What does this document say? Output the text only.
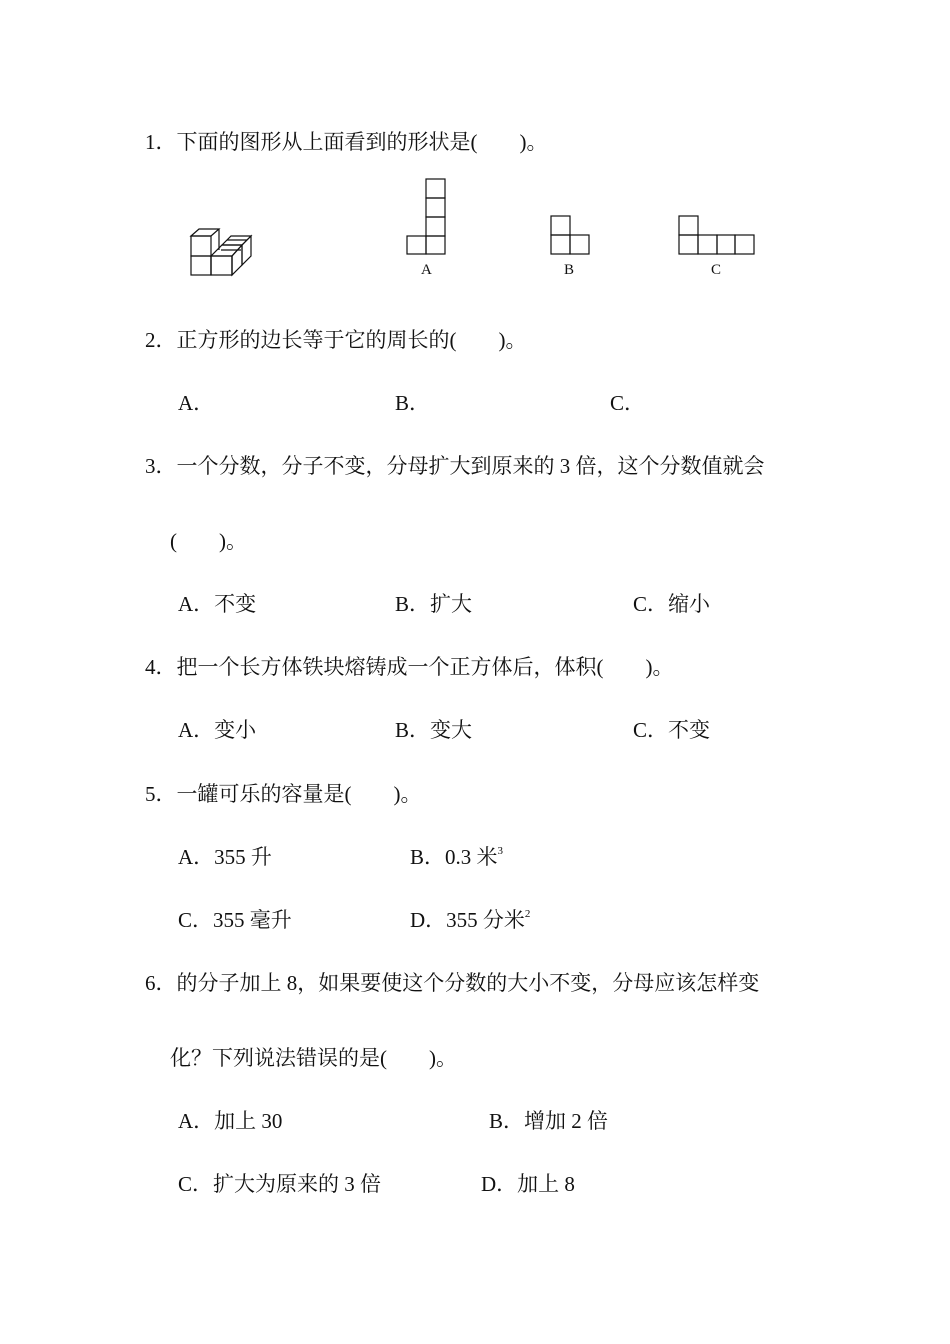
1．下面的图形从上面看到的形状是(　　)。
A	B	C
2．正方形的边长等于它的周长的(　　)。
A．	B．	C．
3．一个分数，分子不变，分母扩大到原来的 3 倍，这个分数值就会
(　　)。
A．不变	B．扩大	C．缩小
4．把一个长方体铁块熔铸成一个正方体后，体积(　　)。
A．变小	B．变大	C．不变
5．一罐可乐的容量是(　　)。
A．355 升	B．0.3 米$^3$
C．355 毫升	D．355 分米$^2$
6．的分子加上 8，如果要使这个分数的大小不变，分母应该怎样变
化？下列说法错误的是(　　)。
A．加上 30	B．增加 2 倍
C．扩大为原来的 3 倍	D．加上 8
